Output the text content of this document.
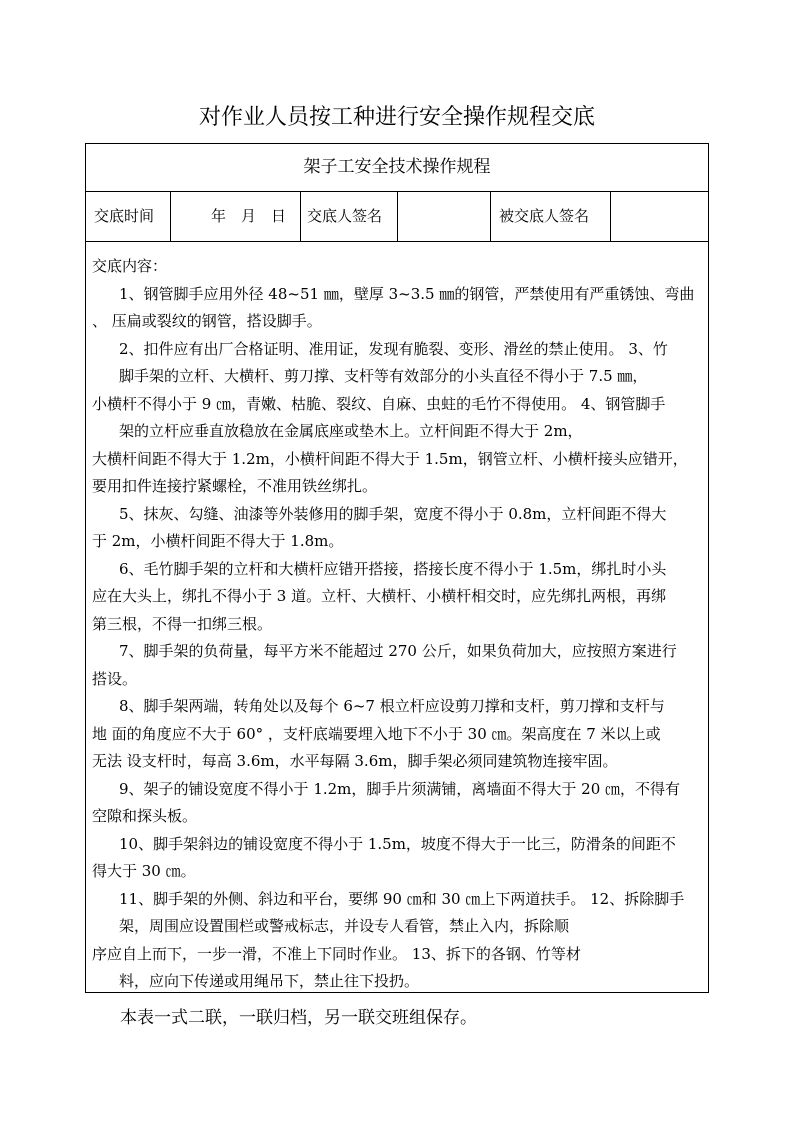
对作业人员按工种进行安全操作规程交底
架子工安全技术操作规程
交底时间	年　月　日	交底人签名	被交底人签名
交底内容：
1、钢管脚手应用外径 48~51 ㎜，壁厚 3~3.5 ㎜的钢管，严禁使用有严重锈蚀、弯曲
、 压扁或裂纹的钢管，搭设脚手。
2、扣件应有出厂合格证明、准用证，发现有脆裂、变形、滑丝的禁止使用。 3、竹
脚手架的立杆、大横杆、剪刀撑、支杆等有效部分的小头直径不得小于 7.5 ㎜，
小横杆不得小于 9 ㎝，青嫩、枯脆、裂纹、自麻、虫蛀的毛竹不得使用。 4、钢管脚手
架的立杆应垂直放稳放在金属底座或垫木上。立杆间距不得大于 2m，
大横杆间距不得大于 1.2m，小横杆间距不得大于 1.5m，钢管立杆、小横杆接头应错开，
要用扣件连接拧紧螺栓，不准用铁丝绑扎。
5、抹灰、勾缝、油漆等外装修用的脚手架，宽度不得小于 0.8m，立杆间距不得大
于 2m，小横杆间距不得大于 1.8m。
6、毛竹脚手架的立杆和大横杆应错开搭接，搭接长度不得小于 1.5m，绑扎时小头
应在大头上，绑扎不得小于 3 道。立杆、大横杆、小横杆相交时，应先绑扎两根，再绑
第三根，不得一扣绑三根。
7、脚手架的负荷量，每平方米不能超过 270 公斤，如果负荷加大，应按照方案进行
搭设。
8、脚手架两端，转角处以及每个 6~7 根立杆应设剪刀撑和支杆，剪刀撑和支杆与
地 面的角度应不大于 60° ，支杆底端要埋入地下不小于 30 ㎝。架高度在 7 米以上或
无法 设支杆时，每高 3.6m，水平每隔 3.6m，脚手架必须同建筑物连接牢固。
9、架子的铺设宽度不得小于 1.2m，脚手片须满铺，离墙面不得大于 20 ㎝，不得有
空隙和探头板。
10、脚手架斜边的铺设宽度不得小于 1.5m，坡度不得大于一比三，防滑条的间距不
得大于 30 ㎝。
11、脚手架的外侧、斜边和平台，要绑 90 ㎝和 30 ㎝上下两道扶手。 12、拆除脚手
架，周围应设置围栏或警戒标志，并设专人看管，禁止入内，拆除顺
序应自上而下，一步一滑，不准上下同时作业。 13、拆下的各钢、竹等材
料，应向下传递或用绳吊下，禁止往下投扔。
本表一式二联，一联归档，另一联交班组保存。
